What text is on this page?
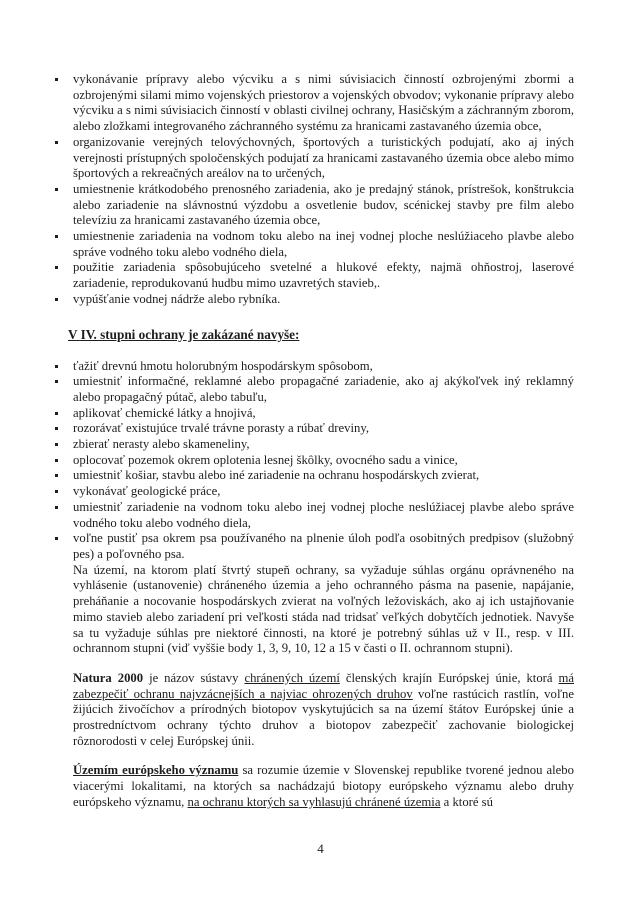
vykonávanie prípravy alebo výcviku a s nimi súvisiacich činností ozbrojenými zbormi a ozbrojenými silami mimo vojenských priestorov a vojenských obvodov; vykonanie prípravy alebo výcviku a s nimi súvisiacich činností v oblasti civilnej ochrany, Hasičským a záchranným zborom, alebo zložkami integrovaného záchranného systému za hranicami zastavaného územia obce,
organizovanie verejných telovýchovných, športových a turistických podujatí, ako aj iných verejnosti prístupných spoločenských podujatí za hranicami zastavaného územia obce alebo mimo športových a rekreačných areálov na to určených,
umiestnenie krátkodobého prenosného zariadenia, ako je predajný stánok, prístrešok, konštrukcia alebo zariadenie na slávnostnú výzdobu a osvetlenie budov, scénickej stavby pre film alebo televíziu za hranicami zastavaného územia obce,
umiestnenie zariadenia na vodnom toku alebo na inej vodnej ploche neslúžiaceho plavbe alebo správe vodného toku alebo vodného diela,
použitie zariadenia spôsobujúceho svetelné a hlukové efekty, najmä ohňostroj, laserové zariadenie, reprodukovanú hudbu mimo uzavretých stavieb,.
vypúšťanie vodnej nádrže alebo rybníka.
V IV. stupni ochrany je zakázané navyše:
ťažiť drevnú hmotu holorubným hospodárskym spôsobom,
umiestniť informačné, reklamné alebo propagačné zariadenie, ako aj akýkoľvek iný reklamný alebo propagačný pútač, alebo tabuľu,
aplikovať chemické látky a hnojivá,
rozorávať existujúce trvalé trávne porasty a rúbať dreviny,
zbierať nerasty alebo skameneliny,
oplocovať pozemok okrem oplotenia lesnej škôlky, ovocného sadu a vinice,
umiestniť košiar, stavbu alebo iné zariadenie na ochranu hospodárskych zvierat,
vykonávať geologické práce,
umiestniť zariadenie na vodnom toku alebo inej vodnej ploche neslúžiacej plavbe alebo správe vodného toku alebo vodného diela,
voľne pustiť psa okrem psa používaného na plnenie úloh podľa osobitných predpisov (služobný pes) a poľovného psa.

Na území, na ktorom platí štvrtý stupeň ochrany, sa vyžaduje súhlas orgánu oprávneného na vyhlásenie (ustanovenie) chráneného územia a jeho ochranného pásma na pasenie, napájanie, preháňanie a nocovanie hospodárskych zvierat na voľných ležoviskách, ako aj ich ustajňovanie mimo stavieb alebo zariadení pri veľkosti stáda nad tridsať veľkých dobytčích jednotiek. Navyše sa tu vyžaduje súhlas pre niektoré činnosti, na ktoré je potrebný súhlas už v II., resp. v III. ochrannom stupni (viď vyššie body 1, 3, 9, 10, 12 a 15 v časti o II. ochrannom stupni).

Natura 2000 je názov sústavy chránených území členských krajín Európskej únie, ktorá má zabezpečiť ochranu najvzácnejších a najviac ohrozených druhov voľne rastúcich rastlín, voľne žijúcich živočíchov a prírodných biotopov vyskytujúcich sa na území štátov Európskej únie a prostredníctvom ochrany týchto druhov a biotopov zabezpečiť zachovanie biologickej rôznorodosti v celej Európskej únii.

Územím európskeho významu sa rozumie územie v Slovenskej republike tvorené jednou alebo viacerými lokalitami, na ktorých sa nachádzajú biotopy európskeho významu alebo druhy európskeho významu, na ochranu ktorých sa vyhlasujú chránené územia a ktoré sú

4
